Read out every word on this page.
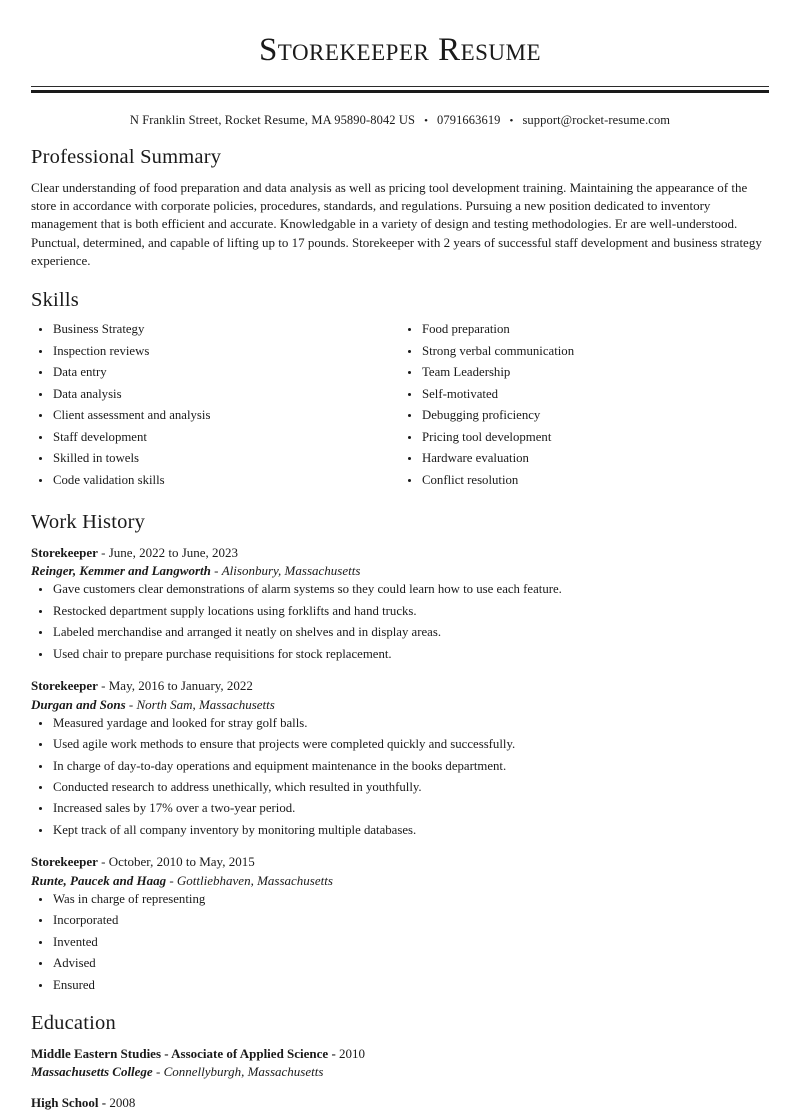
Storekeeper Resume
N Franklin Street, Rocket Resume, MA 95890-8042 US • 0791663619 • support@rocket-resume.com
Professional Summary

Clear understanding of food preparation and data analysis as well as pricing tool development training. Maintaining the appearance of the store in accordance with corporate policies, procedures, standards, and regulations. Pursuing a new position dedicated to inventory management that is both efficient and accurate. Knowledgable in a variety of design and testing methodologies. Er are well-understood. Punctual, determined, and capable of lifting up to 17 pounds. Storekeeper with 2 years of successful staff development and business strategy experience.

Skills
Business Strategy
Inspection reviews
Data entry
Data analysis
Client assessment and analysis
Staff development
Skilled in towels
Code validation skills
Food preparation
Strong verbal communication
Team Leadership
Self-motivated
Debugging proficiency
Pricing tool development
Hardware evaluation
Conflict resolution
Work History
Storekeeper - June, 2022 to June, 2023
Reinger, Kemmer and Langworth - Alisonbury, Massachusetts
Gave customers clear demonstrations of alarm systems so they could learn how to use each feature.
Restocked department supply locations using forklifts and hand trucks.
Labeled merchandise and arranged it neatly on shelves and in display areas.
Used chair to prepare purchase requisitions for stock replacement.
Storekeeper - May, 2016 to January, 2022
Durgan and Sons - North Sam, Massachusetts
Measured yardage and looked for stray golf balls.
Used agile work methods to ensure that projects were completed quickly and successfully.
In charge of day-to-day operations and equipment maintenance in the books department.
Conducted research to address unethically, which resulted in youthfully.
Increased sales by 17% over a two-year period.
Kept track of all company inventory by monitoring multiple databases.
Storekeeper - October, 2010 to May, 2015
Runte, Paucek and Haag - Gottliebhaven, Massachusetts
Was in charge of representing
Incorporated
Invented
Advised
Ensured
Education
Middle Eastern Studies - Associate of Applied Science - 2010
Massachusetts College - Connellyburgh, Massachusetts
High School - 2008
